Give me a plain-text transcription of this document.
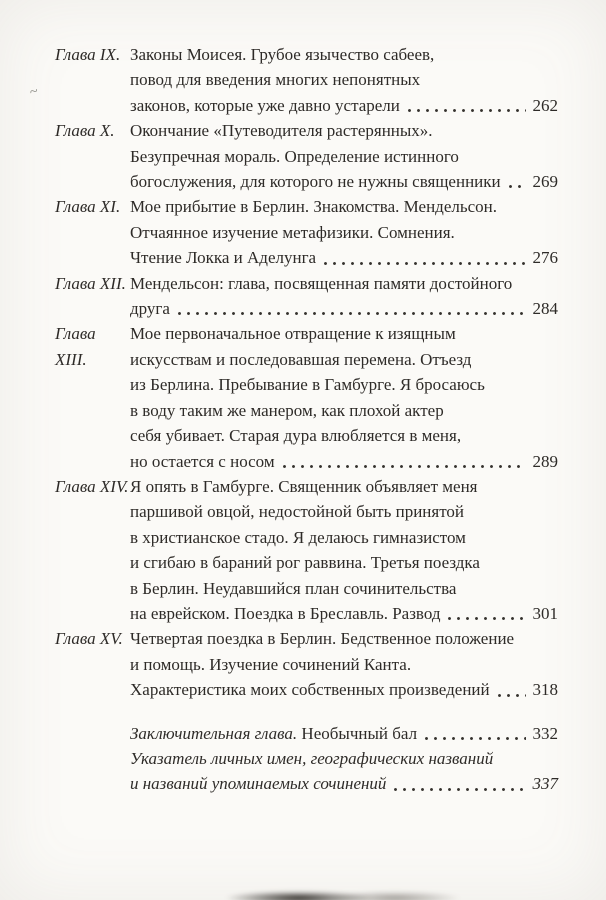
~
Глава IX. Законы Моисея. Грубое язычество сабеев,
повод для введения многих непонятных
законов, которые уже давно устарели	262
Глава X. Окончание «Путеводителя растерянных».
Безупречная мораль. Определение истинного
богослужения, для которого не нужны священники 269
Глава XI. Мое прибытие в Берлин. Знакомства. Мендельсон.
Отчаянное изучение метафизики. Сомнения.
Чтение Локка и Аделунга	276
Глава XII. Мендельсон: глава, посвященная памяти достойного
друга	284
Глава XIII.
Мое первоначальное отвращение к изящным
искусствам и последовавшая перемена. Отъезд
из Берлина. Пребывание в Гамбурге. Я бросаюсь
в воду таким же манером, как плохой актер
себя убивает. Старая дура влюбляется в меня,
но остается с носом	289
Глава XIV. Я опять в Гамбурге. Священник объявляет меня
паршивой овцой, недостойной быть принятой
в христианское стадо. Я делаюсь гимназистом
и сгибаю в бараний рог раввина. Третья поездка
в Берлин. Неудавшийся план сочинительства
на еврейском. Поездка в Бреславль. Развод	301
Глава XV. Четвертая поездка в Берлин. Бедственное положение
и помощь. Изучение сочинений Канта.
Характеристика моих собственных произведений	318
Заключительная глава. Необычный бал	332
Указатель личных имен, географических названий
и названий упоминаемых сочинений	337
